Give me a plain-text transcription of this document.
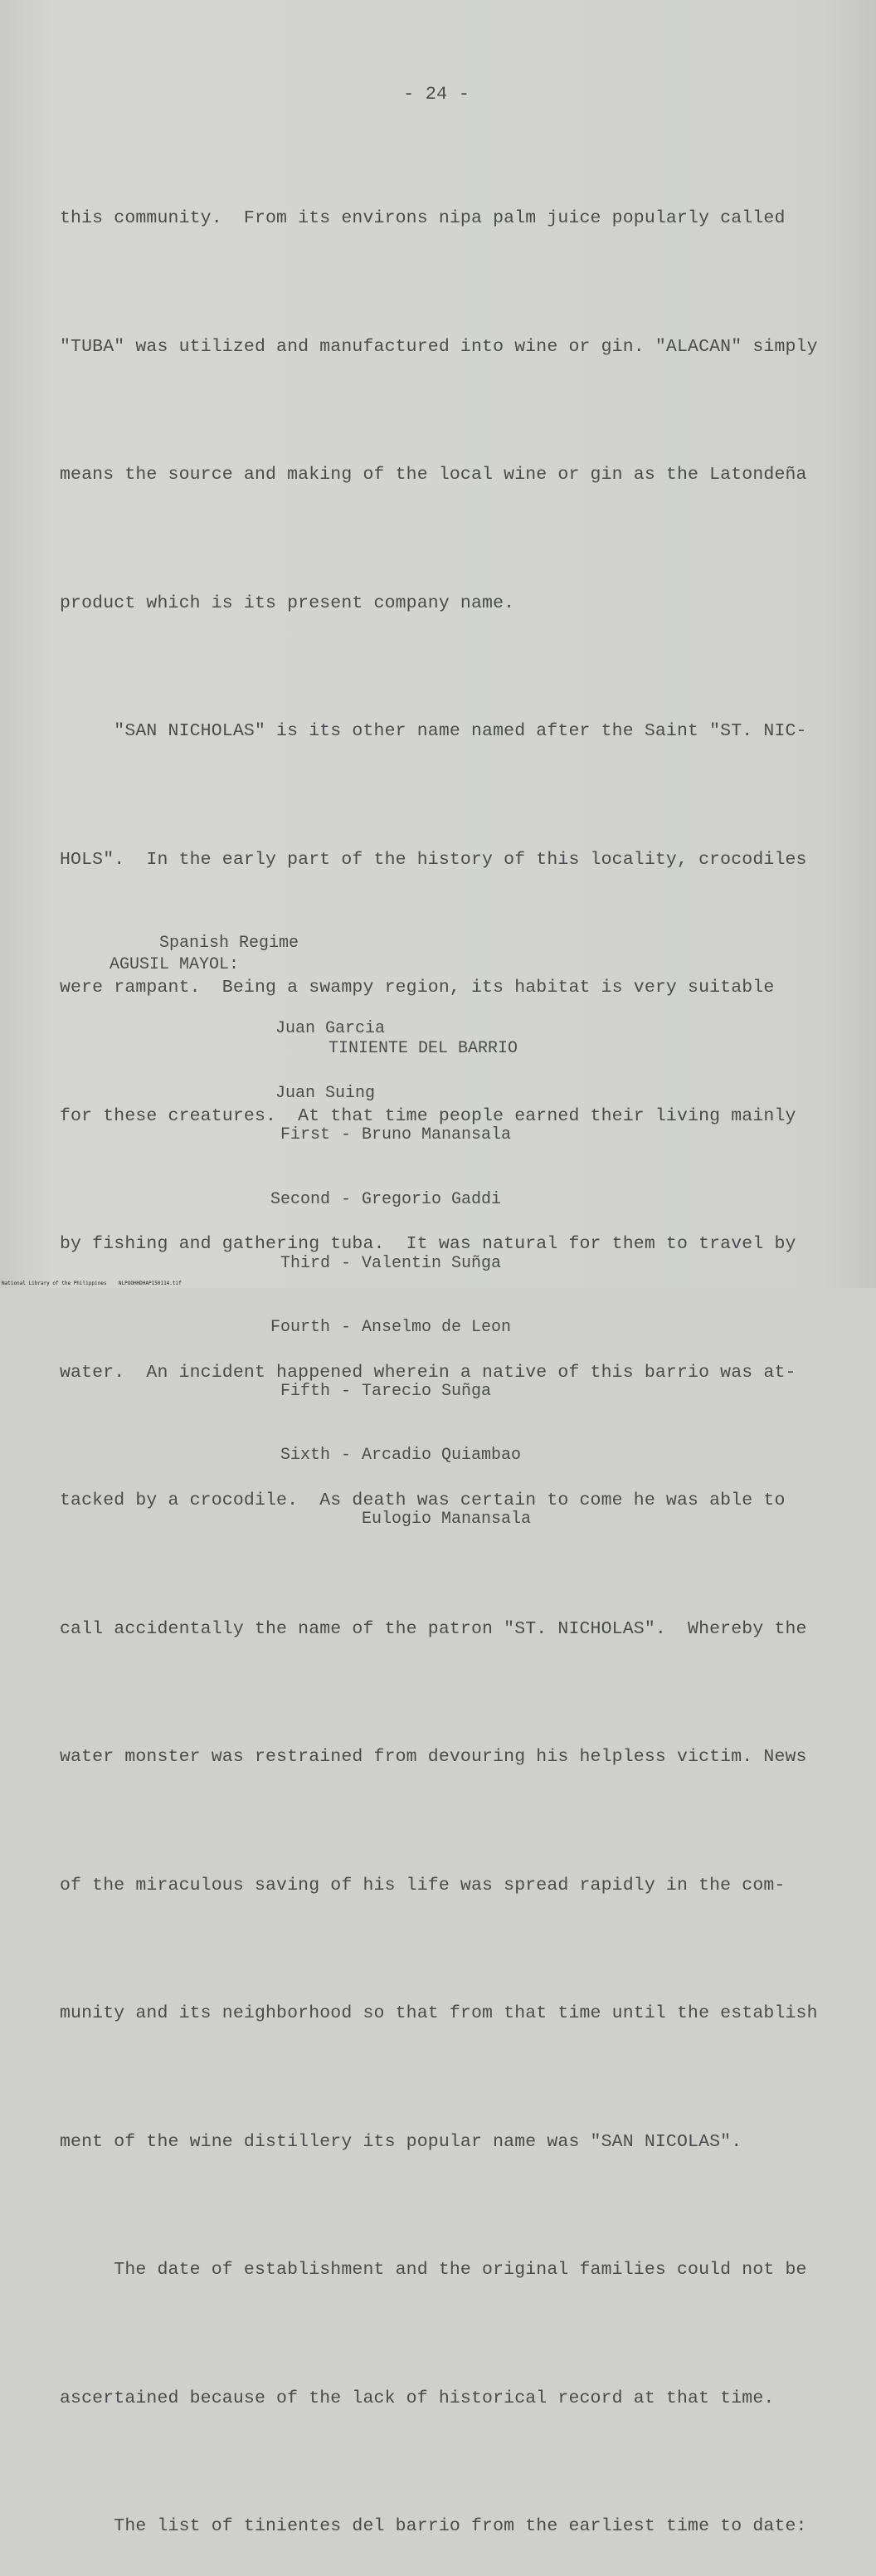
- 24 -

this community.  From its environs nipa palm juice popularly called

"TUBA" was utilized and manufactured into wine or gin. "ALACAN" simply

means the source and making of the local wine or gin as the Latondeña

product which is its present company name.

"SAN NICHOLAS" is its other name named after the Saint "ST. NIC-

HOLS".  In the early part of the history of this locality, crocodiles

were rampant.  Being a swampy region, its habitat is very suitable

for these creatures.  At that time people earned their living mainly

by fishing and gathering tuba.  It was natural for them to travel by

water.  An incident happened wherein a native of this barrio was at-

tacked by a crocodile.  As death was certain to come he was able to

call accidentally the name of the patron "ST. NICHOLAS".  Whereby the

water monster was restrained from devouring his helpless victim. News

of the miraculous saving of his life was spread rapidly in the com-

munity and its neighborhood so that from that time until the establish

ment of the wine distillery its popular name was "SAN NICOLAS".

The date of establishment and the original families could not be

ascertained because of the lack of historical record at that time.

The list of tinientes del barrio from the earliest time to date:

Spanish Regime
AGUSIL MAYOL:

Juan Garcia

Juan Suing

TINIENTE DEL BARRIO

First - Bruno Manansala

Second - Gregorio Gaddi

Third - Valentin Suñga

Fourth - Anselmo de Leon

Fifth - Tarecio Suñga

Sixth - Arcadio Quiambao

Eulogio Manansala

National Library of the Philippines    NLPOOHHDHAP150114.tif
